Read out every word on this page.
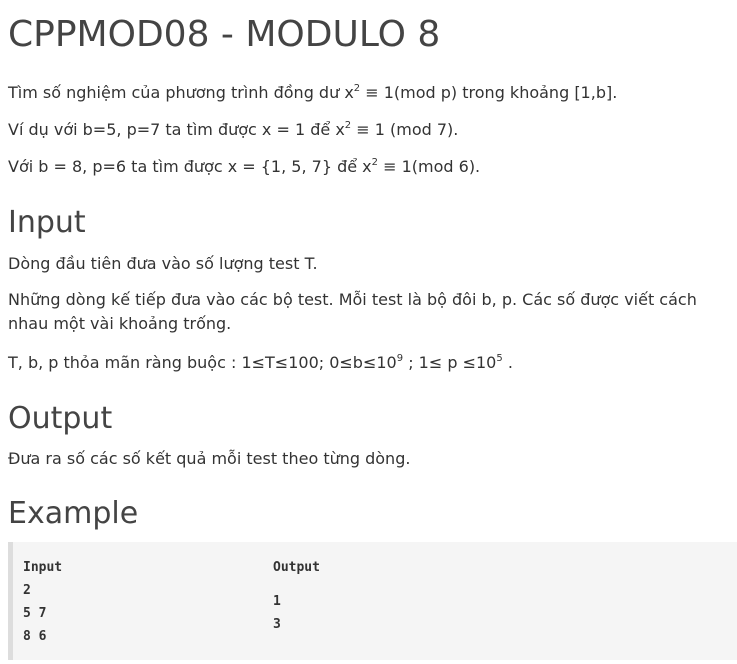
CPPMOD08 - MODULO 8

Tìm số nghiệm của phương trình đồng dư $x^2 \equiv 1(mod$ p) trong khoảng [1,b].

Ví dụ với b=5, p=7 ta tìm được x = 1 để $x^2 \equiv 1$ (mod 7).

Với b = 8, p=6 ta tìm được x = {1, 5, 7} để $x^2 \equiv 1(mod$ 6).

Input

Dòng đầu tiên đưa vào số lượng test T.

Những dòng kế tiếp đưa vào các bộ test. Mỗi test là bộ đôi b, p. Các số được viết cách nhau một vài khoảng trống.

T, b, p thỏa mãn ràng buộc : 1≤T≤100; $0\le b\le 10^9$ ; $1\le p \le 10^5$ .

Output

Đưa ra số các số kết quả mỗi test theo từng dòng.

Example
Input
2
5 7
8 6
Output
1
3
